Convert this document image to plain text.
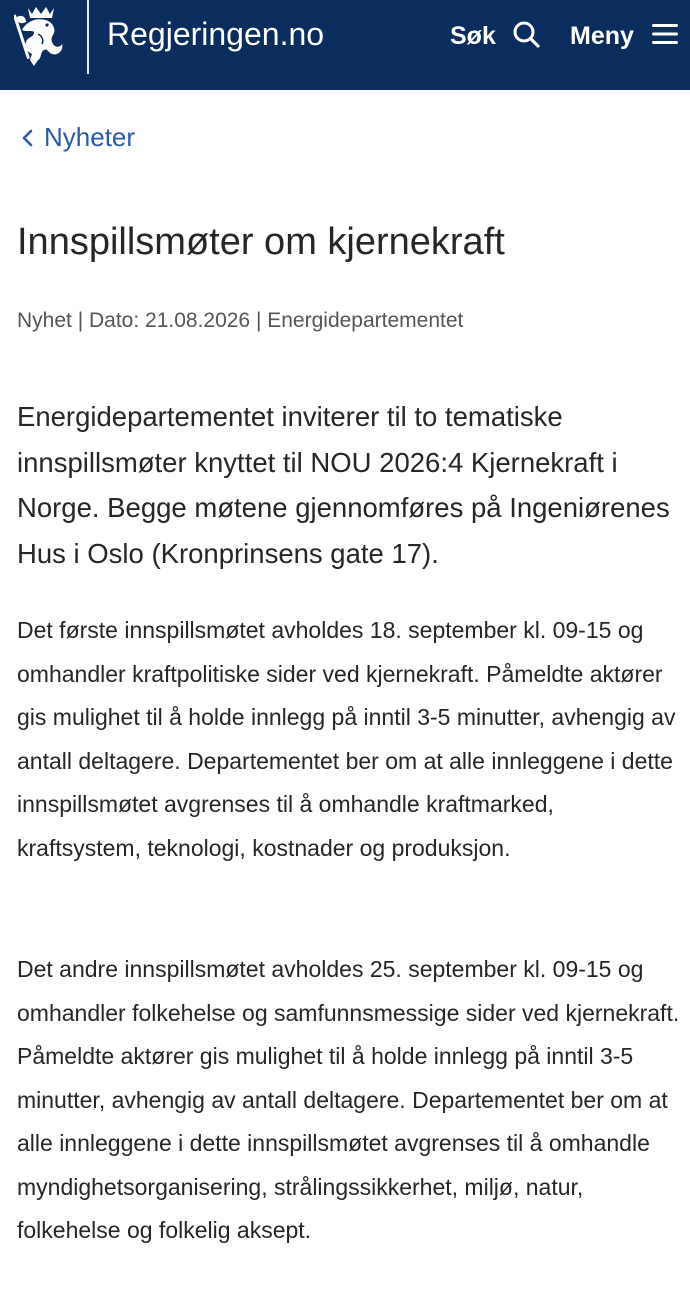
Regjeringen.no	Søk	Meny
Nyheter
Innspillsmøter om kjernekraft
Nyhet | Dato: 21.08.2026 | Energidepartementet

Energidepartementet inviterer til to tematiske innspillsmøter knyttet til NOU 2026:4 Kjernekraft i Norge. Begge møtene gjennomføres på Ingeniørenes Hus i Oslo (Kronprinsens gate 17).

Det første innspillsmøtet avholdes 18. september kl. 09-15 og omhandler kraftpolitiske sider ved kjernekraft. Påmeldte aktører gis mulighet til å holde innlegg på inntil 3-5 minutter, avhengig av antall deltagere. Departementet ber om at alle innleggene i dette innspillsmøtet avgrenses til å omhandle kraftmarked, kraftsystem, teknologi, kostnader og produksjon.

Det andre innspillsmøtet avholdes 25. september kl. 09-15 og omhandler folkehelse og samfunnsmessige sider ved kjernekraft. Påmeldte aktører gis mulighet til å holde innlegg på inntil 3-5 minutter, avhengig av antall deltagere. Departementet ber om at alle innleggene i dette innspillsmøtet avgrenses til å omhandle myndighetsorganisering, strålingssikkerhet, miljø, natur, folkehelse og folkelig aksept.
